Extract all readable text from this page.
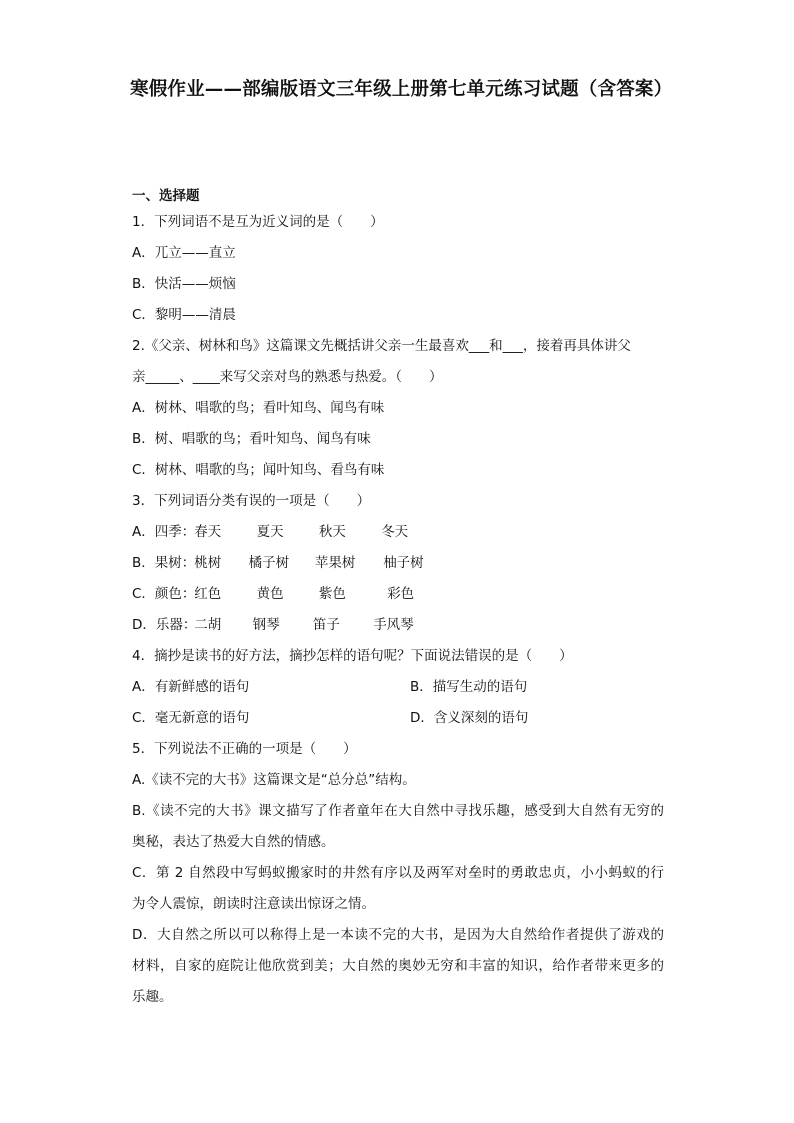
寒假作业——部编版语文三年级上册第七单元练习试题（含答案）
一、选择题
1．下列词语不是互为近义词的是（　　）
A．兀立——直立
B．快活——烦恼
C．黎明——清晨
2.《父亲、树林和鸟》这篇课文先概括讲父亲一生最喜欢___和___，接着再具体讲父
亲_____、____来写父亲对鸟的熟悉与热爱。（　　）
A．树林、唱歌的鸟；看叶知鸟、闻鸟有味
B．树、唱歌的鸟；看叶知鸟、闻鸟有味
C．树林、唱歌的鸟；闻叶知鸟、看鸟有味
3．下列词语分类有误的一项是（　　）
A．四季： 春天	夏天	秋天	冬天
B．果树： 桃树 橘子树 苹果树 柚子树
C．颜色： 红色	黄色	紫色	彩色
D．乐器： 二胡 钢琴 笛子 手风琴
4．摘抄是读书的好方法，摘抄怎样的语句呢？下面说法错误的是（　　）
A．有新鲜感的语句	B．描写生动的语句
C．毫无新意的语句	D．含义深刻的语句
5．下列说法不正确的一项是（　　）
A.《读不完的大书》这篇课文是“总分总”结构。
B.《读不完的大书》课文描写了作者童年在大自然中寻找乐趣，感受到大自然有无穷的
奥秘，表达了热爱大自然的情感。
C．第 2 自然段中写蚂蚁搬家时的井然有序以及两军对垒时的勇敢忠贞，小小蚂蚁的行
为令人震惊，朗读时注意读出惊讶之情。
D．大自然之所以可以称得上是一本读不完的大书，是因为大自然给作者提供了游戏的
材料，自家的庭院让他欣赏到美；大自然的奥妙无穷和丰富的知识，给作者带来更多的
乐趣。
